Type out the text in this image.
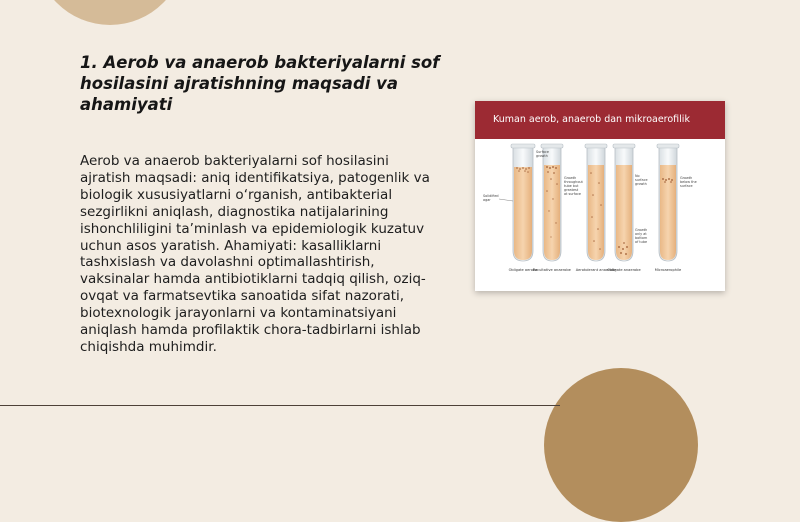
1. Aerob va anaerob bakteriyalarni sof hosilasini ajratishning maqsadi va ahamiyati

Aerob va anaerob bakteriyalarni sof hosilasini ajratish maqsadi: aniq identifikatsiya, patogenlik va biologik xususiyatlarni o‘rganish, antibakterial sezgirlikni aniqlash, diagnostika natijalarining ishonchliligini ta’minlash va epidemiologik kuzatuv uchun asos yaratish. Ahamiyati: kasalliklarni tashxislash va davolashni optimallashtirish, vaksinalar hamda antibiotiklarni tadqiq qilish, oziq-ovqat va farmatsevtika sanoatida sifat nazorati, biotexnologik jarayonlarni va kontaminatsiyani aniqlash hamda profilaktik chora-tadbirlarni ishlab chiqishda muhimdir.

Kuman aerob, anaerob dan mikroaerofilik
Surface
growth
Solidified
agar
Growth
throughout
tube but
greatest
at surface
No
surface
growth
Growth
only at
bottom
of tube
Growth
below the
surface
Obligate aerobe
Facultative anaerobe Aerotolerant anaerobe
Obligate anaerobe	Microaerophile
